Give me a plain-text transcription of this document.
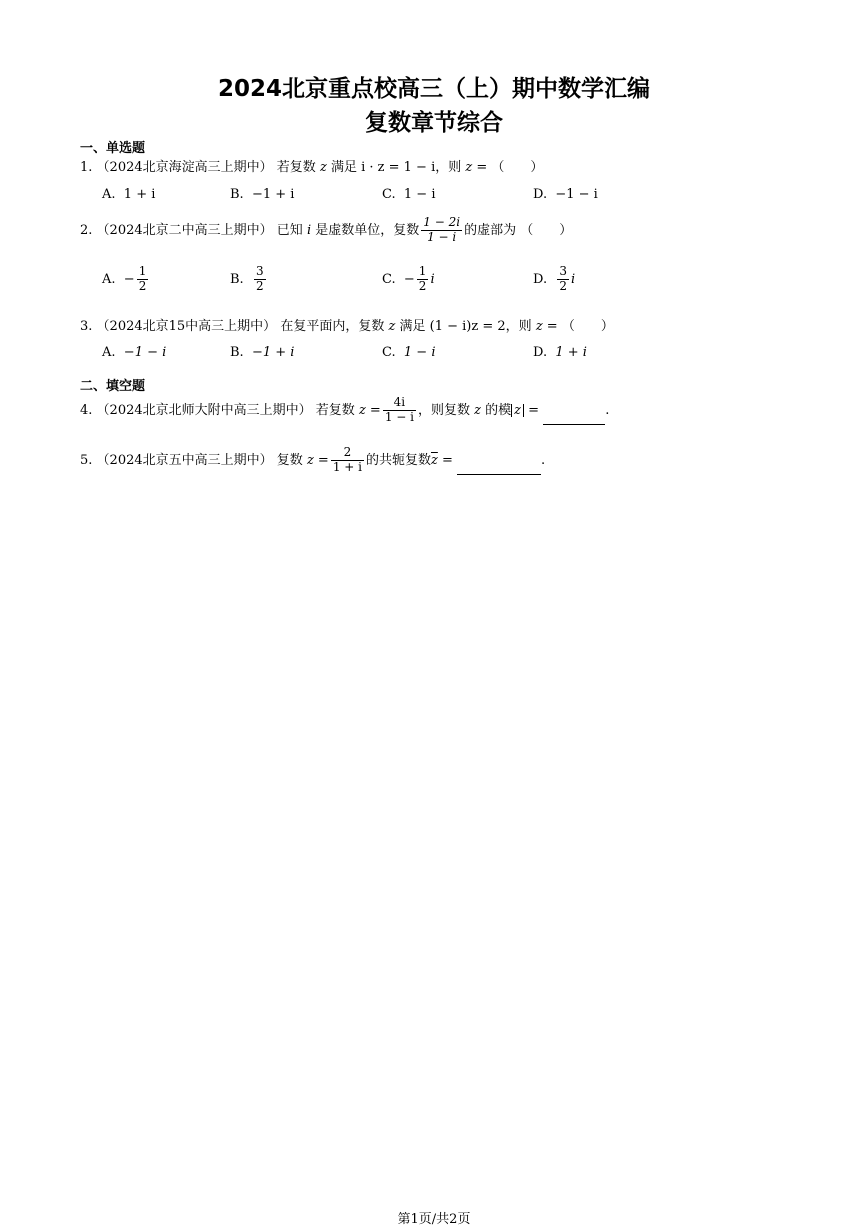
2024北京重点校高三（上）期中数学汇编
复数章节综合
一、单选题
1. （2024北京海淀高三上期中） 若复数 z 满足 i · z = 1 − i，则 z = （　　）
A. 1 + i	B. −1 + i	C. 1 − i	D. −1 − i
2. （2024北京二中高三上期中） 已知 i 是虚数单位，复数 $\frac{1 - 2i}{1 - i}$ 的虚部为 （　　）
A. − $\frac{1}{2}$	B. $\frac{3}{2}$	C. − $\frac{1}{2}$ i	D. $\frac{3}{2}$ i
3. （2024北京15中高三上期中） 在复平面内，复数 z 满足 (1 − i)z = 2，则 z = （　　）
A. −1 − i	B. −1 + i	C. 1 − i	D. 1 + i
二、填空题
4. （2024北京北师大附中高三上期中） 若复数 $z = \frac{4i}{1 - i}$ ，则复数 z 的模 z =	.
5. （2024北京五中高三上期中） 复数 $z = \frac{2}{1 + i}$ 的共轭复数$\overline{z}$ =	.
第1页/共2页
